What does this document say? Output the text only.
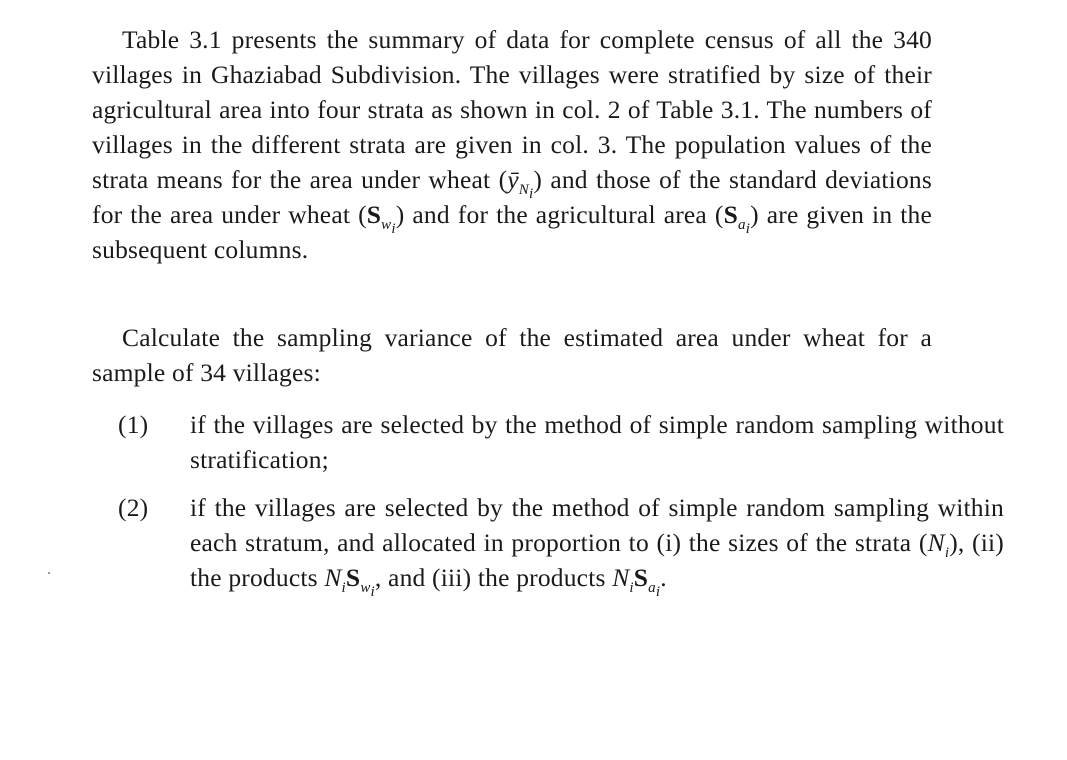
Table 3.1 presents the summary of data for complete census of all the 340 villages in Ghaziabad Subdivision. The villages were stratified by size of their agricultural area into four strata as shown in col. 2 of Table 3.1. The numbers of villages in the different strata are given in col. 3. The population values of the strata means for the area under wheat $(ȳ_{N_i})$ and those of the standard deviations for the area under wheat $(S_{w_i})$ and for the agricultural area $(S_{a_i})$ are given in the subsequent columns.

Calculate the sampling variance of the estimated area under wheat for a sample of 34 villages:

(1) if the villages are selected by the method of simple random sampling without stratification;

(2) if the villages are selected by the method of simple random sampling within each stratum, and allocated in proportion to (i) the sizes of the strata $(N_i)$, (ii) the products $N_iS_{w_i}$, and (iii) the products $N_iS_{a_i}$.
